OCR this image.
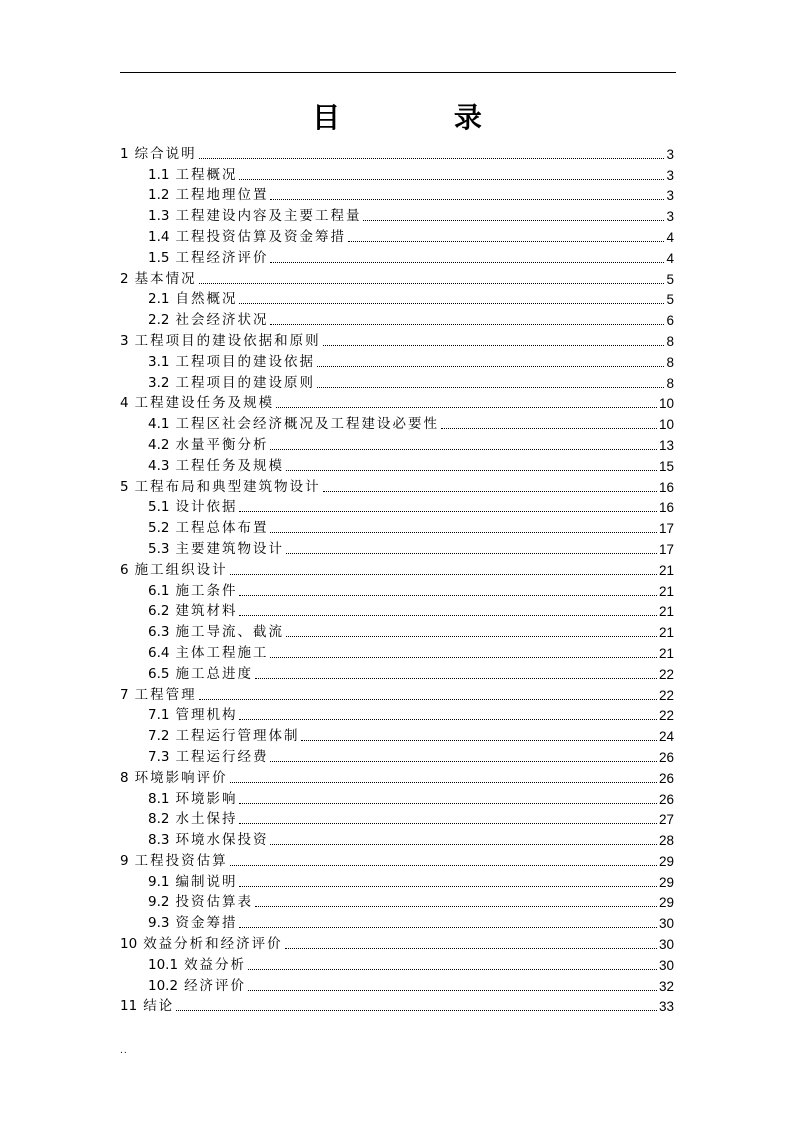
目 录
1 综合说明	3
1.1 工程概况	3
1.2 工程地理位置	3
1.3 工程建设内容及主要工程量	3
1.4 工程投资估算及资金筹措	4
1.5 工程经济评价	4
2 基本情况	5
2.1 自然概况	5
2.2 社会经济状况	6
3 工程项目的建设依据和原则	8
3.1 工程项目的建设依据	8
3.2 工程项目的建设原则	8
4 工程建设任务及规模	10
4.1 工程区社会经济概况及工程建设必要性	10
4.2 水量平衡分析	13
4.3 工程任务及规模	15
5 工程布局和典型建筑物设计	16
5.1 设计依据	16
5.2 工程总体布置	17
5.3 主要建筑物设计	17
6 施工组织设计	21
6.1 施工条件	21
6.2 建筑材料	21
6.3 施工导流、截流	21
6.4 主体工程施工	21
6.5 施工总进度	22
7 工程管理	22
7.1 管理机构	22
7.2 工程运行管理体制	24
7.3 工程运行经费	26
8 环境影响评价	26
8.1 环境影响	26
8.2 水土保持	27
8.3 环境水保投资	28
9 工程投资估算	29
9.1 编制说明	29
9.2 投资估算表	29
9.3 资金筹措	30
10 效益分析和经济评价	30
10.1 效益分析	30
10.2 经济评价	32
11 结论	33
..
